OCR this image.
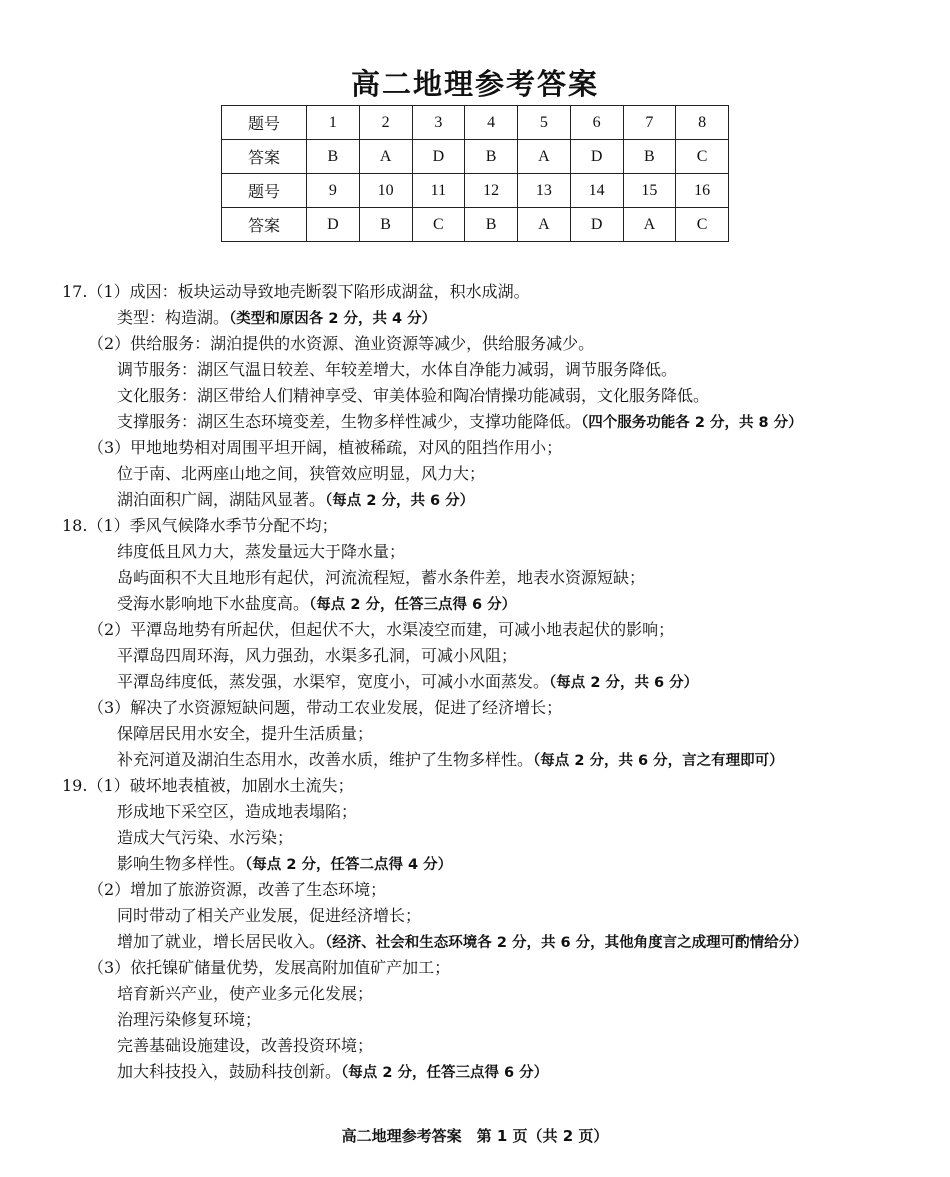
高二地理参考答案
题号	1	2	3	4	5	6	7	8
答案	B	A	D	B	A	D	B	C
题号	9	10	11	12	13	14	15	16
答案	D	B	C	B	A	D	A	C
17.（1）成因：板块运动导致地壳断裂下陷形成湖盆，积水成湖。
类型：构造湖。（类型和原因各 2 分，共 4 分）
（2）供给服务：湖泊提供的水资源、渔业资源等减少，供给服务减少。
调节服务：湖区气温日较差、年较差增大，水体自净能力减弱，调节服务降低。
文化服务：湖区带给人们精神享受、审美体验和陶冶情操功能减弱，文化服务降低。
支撑服务：湖区生态环境变差，生物多样性减少，支撑功能降低。（四个服务功能各 2 分，共 8 分）
（3）甲地地势相对周围平坦开阔，植被稀疏，对风的阻挡作用小；
位于南、北两座山地之间，狭管效应明显，风力大；
湖泊面积广阔，湖陆风显著。（每点 2 分，共 6 分）
18.（1）季风气候降水季节分配不均；
纬度低且风力大，蒸发量远大于降水量；
岛屿面积不大且地形有起伏，河流流程短，蓄水条件差，地表水资源短缺；
受海水影响地下水盐度高。（每点 2 分，任答三点得 6 分）
（2）平潭岛地势有所起伏，但起伏不大，水渠凌空而建，可减小地表起伏的影响；
平潭岛四周环海，风力强劲，水渠多孔洞，可减小风阻；
平潭岛纬度低，蒸发强，水渠窄，宽度小，可减小水面蒸发。（每点 2 分，共 6 分）
（3）解决了水资源短缺问题，带动工农业发展，促进了经济增长；
保障居民用水安全，提升生活质量；
补充河道及湖泊生态用水，改善水质，维护了生物多样性。（每点 2 分，共 6 分，言之有理即可）
19.（1）破坏地表植被，加剧水土流失；
形成地下采空区，造成地表塌陷；
造成大气污染、水污染；
影响生物多样性。（每点 2 分，任答二点得 4 分）
（2）增加了旅游资源，改善了生态环境；
同时带动了相关产业发展，促进经济增长；
增加了就业，增长居民收入。（经济、社会和生态环境各 2 分，共 6 分，其他角度言之成理可酌情给分）
（3）依托镍矿储量优势，发展高附加值矿产加工；
培育新兴产业，使产业多元化发展；
治理污染修复环境；
完善基础设施建设，改善投资环境；
加大科技投入，鼓励科技创新。（每点 2 分，任答三点得 6 分）
高二地理参考答案　第 1 页（共 2 页）
